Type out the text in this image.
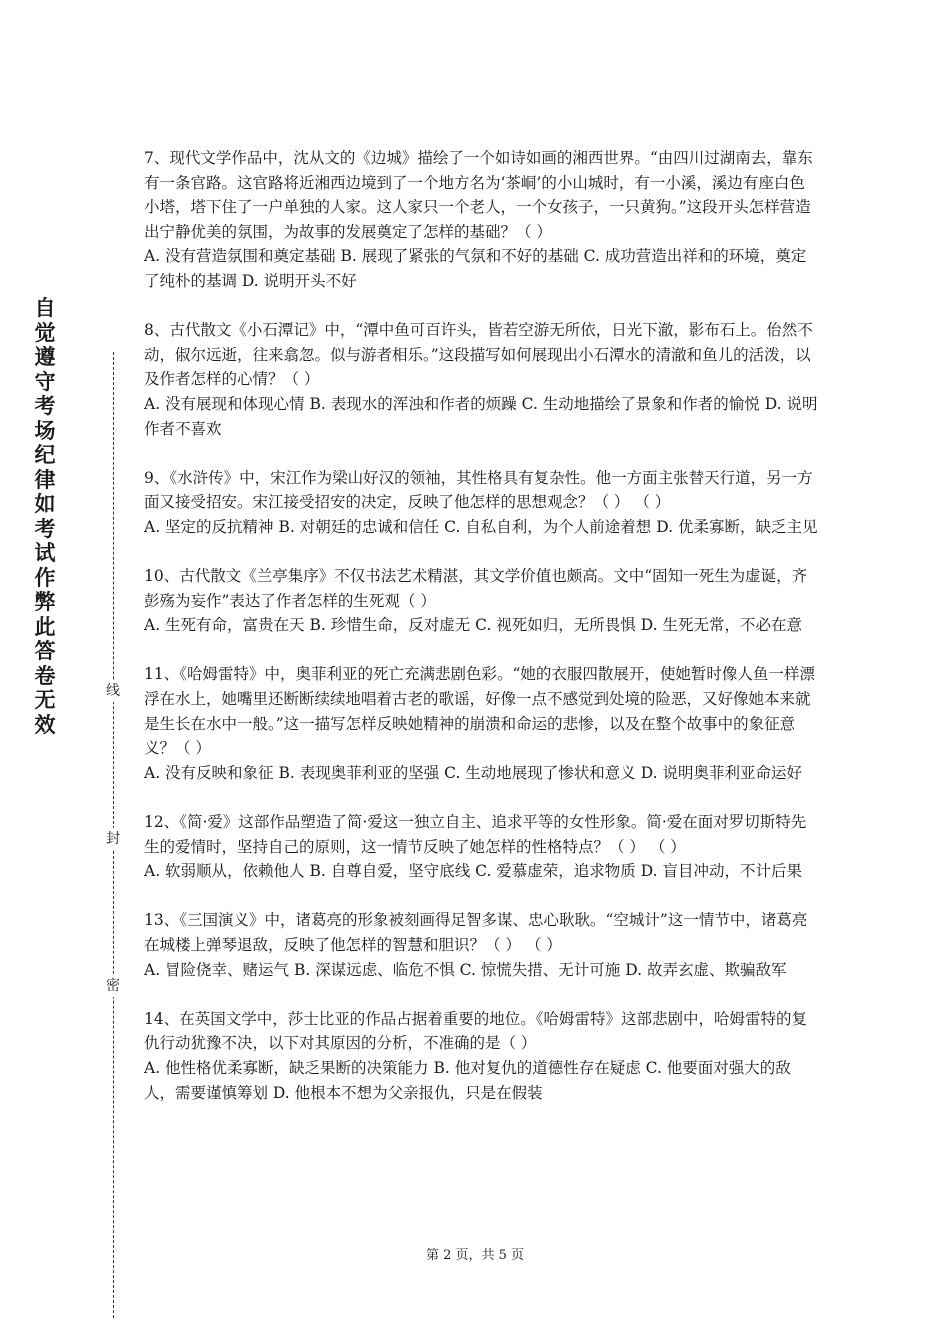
自觉遵守考场纪律如考试作弊此答卷无效
线
封
密

7、现代文学作品中，沈从文的《边城》描绘了一个如诗如画的湘西世界。“由四川过湖南去，靠东有一条官路。这官路将近湘西边境到了一个地方名为‘茶峒’的小山城时，有一小溪，溪边有座白色小塔，塔下住了一户单独的人家。这人家只一个老人，一个女孩子，一只黄狗。”这段开头怎样营造出宁静优美的氛围，为故事的发展奠定了怎样的基础？（ ）

A. 没有营造氛围和奠定基础 B. 展现了紧张的气氛和不好的基础 C. 成功营造出祥和的环境，奠定了纯朴的基调 D. 说明开头不好

8、古代散文《小石潭记》中，“潭中鱼可百许头，皆若空游无所依，日光下澈，影布石上。佁然不动，俶尔远逝，往来翕忽。似与游者相乐。”这段描写如何展现出小石潭水的清澈和鱼儿的活泼，以及作者怎样的心情？（ ）

A. 没有展现和体现心情 B. 表现水的浑浊和作者的烦躁 C. 生动地描绘了景象和作者的愉悦 D. 说明作者不喜欢

9、《水浒传》中，宋江作为梁山好汉的领袖，其性格具有复杂性。他一方面主张替天行道，另一方面又接受招安。宋江接受招安的决定，反映了他怎样的思想观念？（ ） （ ）

A. 坚定的反抗精神 B. 对朝廷的忠诚和信任 C. 自私自利，为个人前途着想 D. 优柔寡断，缺乏主见

10、古代散文《兰亭集序》不仅书法艺术精湛，其文学价值也颇高。文中“固知一死生为虚诞，齐彭殇为妄作”表达了作者怎样的生死观（ ）

A. 生死有命，富贵在天 B. 珍惜生命，反对虚无 C. 视死如归，无所畏惧 D. 生死无常，不必在意

11、《哈姆雷特》中，奥菲利亚的死亡充满悲剧色彩。“她的衣服四散展开，使她暂时像人鱼一样漂浮在水上，她嘴里还断断续续地唱着古老的歌谣，好像一点不感觉到处境的险恶，又好像她本来就是生长在水中一般。”这一描写怎样反映她精神的崩溃和命运的悲惨，以及在整个故事中的象征意义？（ ）

A. 没有反映和象征 B. 表现奥菲利亚的坚强 C. 生动地展现了惨状和意义 D. 说明奥菲利亚命运好

12、《简·爱》这部作品塑造了简·爱这一独立自主、追求平等的女性形象。简·爱在面对罗切斯特先生的爱情时，坚持自己的原则，这一情节反映了她怎样的性格特点？（ ） （ ）

A. 软弱顺从，依赖他人 B. 自尊自爱，坚守底线 C. 爱慕虚荣，追求物质 D. 盲目冲动，不计后果

13、《三国演义》中，诸葛亮的形象被刻画得足智多谋、忠心耿耿。“空城计”这一情节中，诸葛亮在城楼上弹琴退敌，反映了他怎样的智慧和胆识？（ ） （ ）

A. 冒险侥幸、赌运气 B. 深谋远虑、临危不惧 C. 惊慌失措、无计可施 D. 故弄玄虚、欺骗敌军

14、在英国文学中，莎士比亚的作品占据着重要的地位。《哈姆雷特》这部悲剧中，哈姆雷特的复仇行动犹豫不决，以下对其原因的分析，不准确的是（ ）

A. 他性格优柔寡断，缺乏果断的决策能力 B. 他对复仇的道德性存在疑虑 C. 他要面对强大的敌人，需要谨慎筹划 D. 他根本不想为父亲报仇，只是在假装

第 2 页，共 5 页
